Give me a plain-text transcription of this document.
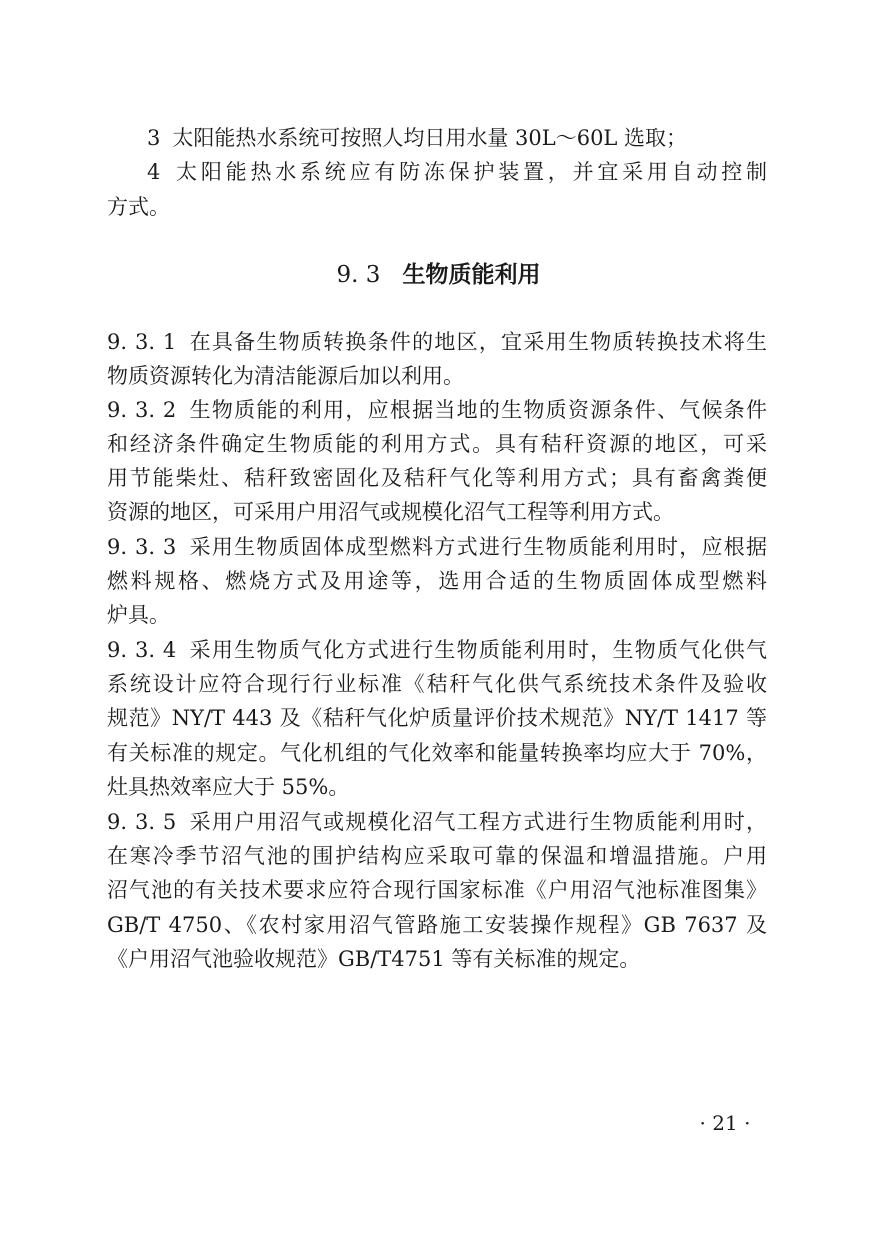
3 太阳能热水系统可按照人均日用水量 30L～60L 选取；
4 太阳能热水系统应有防冻保护装置，并宜采用自动控制
方式。
9. 3 生物质能利用
9. 3. 1 在具备生物质转换条件的地区，宜采用生物质转换技术将生
物质资源转化为清洁能源后加以利用。
9. 3. 2 生物质能的利用，应根据当地的生物质资源条件、气候条件
和经济条件确定生物质能的利用方式。具有秸秆资源的地区，可采
用节能柴灶、秸秆致密固化及秸秆气化等利用方式；具有畜禽粪便
资源的地区，可采用户用沼气或规模化沼气工程等利用方式。
9. 3. 3 采用生物质固体成型燃料方式进行生物质能利用时，应根据
燃料规格、燃烧方式及用途等，选用合适的生物质固体成型燃料
炉具。
9. 3. 4 采用生物质气化方式进行生物质能利用时，生物质气化供气
系统设计应符合现行行业标准《秸秆气化供气系统技术条件及验收
规范》NY/T 443 及《秸秆气化炉质量评价技术规范》NY/T 1417 等
有关标准的规定。气化机组的气化效率和能量转换率均应大于 70%，
灶具热效率应大于 55%。
9. 3. 5 采用户用沼气或规模化沼气工程方式进行生物质能利用时，
在寒冷季节沼气池的围护结构应采取可靠的保温和增温措施。户用
沼气池的有关技术要求应符合现行国家标准《户用沼气池标准图集》
GB/T 4750、《农村家用沼气管路施工安装操作规程》GB 7637 及
《户用沼气池验收规范》GB/T4751 等有关标准的规定。
· 21 ·
